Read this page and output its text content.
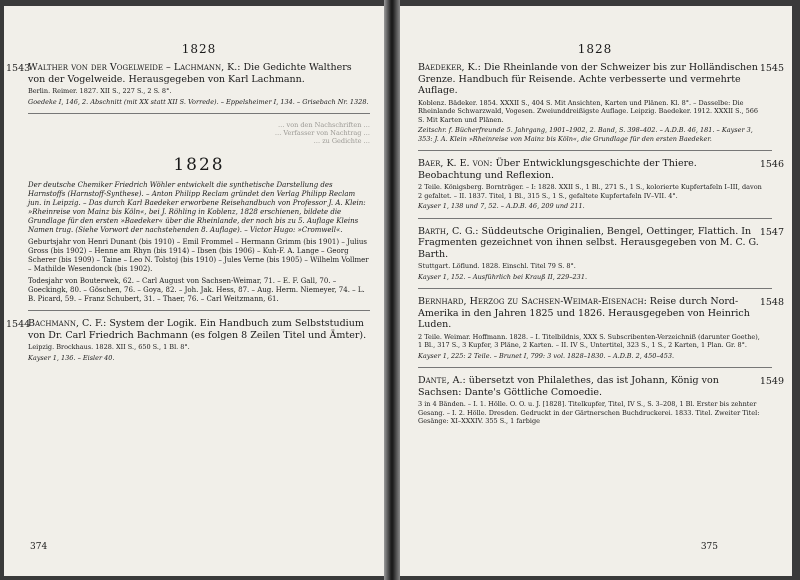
1828
1543
Walther von der Vogelweide – Lachmann, K.: Die Gedichte Walthers von der Vogelweide. Herausgegeben von Karl Lachmann.
Berlin. Reimer. 1827. XII S., 227 S., 2 S. 8°.
Goedeke I, 146, 2. Abschnitt (mit XX statt XII S. Vorrede). – Eppelsheimer I, 134. – Grisebach Nr. 1328.
… von den Nachschriften …
… Verfasser von Nachtrag …
… zu Gedichte …
1828
Der deutsche Chemiker Friedrich Wöhler entwickelt die synthetische Darstellung des Harnstoffs (Harnstoff-Synthese). – Anton Philipp Reclam gründet den Verlag Philipp Reclam jun. in Leipzig. – Das durch Karl Baedeker erworbene Reisehandbuch von Professor J. A. Klein: »Rheinreise von Mainz bis Köln«, bei J. Röhling in Koblenz, 1828 erschienen, bildete die Grundlage für den ersten »Baedeker« über die Rheinlande, der noch bis zu 5. Auflage Kleins Namen trug. (Siehe Vorwort der nachstehenden 8. Auflage). – Victor Hugo: »Cromwell«.
Geburtsjahr von Henri Dunant (bis 1910) – Emil Frommel – Hermann Grimm (bis 1901) – Julius Gross (bis 1902) – Henne am Rhyn (bis 1914) – Ibsen (bis 1906) – Kuh-F. A. Lange – Georg Scherer (bis 1909) – Taine – Leo N. Tolstoj (bis 1910) – Jules Verne (bis 1905) – Wilhelm Vollmer – Mathilde Wesendonck (bis 1902).
Todesjahr von Bouterwek, 62. – Carl August von Sachsen-Weimar, 71. – E. F. Gall, 70. – Goeckingk, 80. – Göschen, 76. – Goya, 82. – Joh. Jak. Hess, 87. – Aug. Herm. Niemeyer, 74. – L. B. Picard, 59. – Franz Schubert, 31. – Thaer, 76. – Carl Weitzmann, 61.
1544
Bachmann, C. F.: System der Logik. Ein Handbuch zum Selbststudium von Dr. Carl Friedrich Bachmann (es folgen 8 Zeilen Titel und Ämter).
Leipzig. Brockhaus. 1828. XII S., 650 S., 1 Bl. 8°.
Kayser 1, 136. – Eisler 40.
374
1828
1545
Baedeker, K.: Die Rheinlande von der Schweizer bis zur Holländischen Grenze. Handbuch für Reisende. Achte verbesserte und vermehrte Auflage.
Koblenz. Bädeker. 1854. XXXII S., 404 S. Mit Ansichten, Karten und Plänen. Kl. 8°. – Dasselbe: Die Rheinlande Schwarzwald, Vogesen. Zweiunddreißigste Auflage. Leipzig. Baedeker. 1912. XXXII S., 566 S. Mit Karten und Plänen.
Zeitschr. f. Bücherfreunde 5. Jahrgang, 1901–1902, 2. Band, S. 398–402. – A.D.B. 46, 181. – Kayser 3, 353: J. A. Klein »Rheinreise von Mainz bis Köln«, die Grundlage für den ersten Baedeker.
1546
Baer, K. E. von: Über Entwicklungsgeschichte der Thiere. Beobachtung und Reflexion.
2 Teile. Königsberg. Bornträger. – I: 1828. XXII S., 1 Bl., 271 S., 1 S., kolorierte Kupfertafeln I–III, davon 2 gefaltet. – II. 1837. Titel, 1 Bl., 315 S., 1 S., gefaltete Kupfertafeln IV–VII. 4°.
Kayser 1, 138 und 7, 52. – A.D.B. 46, 209 und 211.
1547
Barth, C. G.: Süddeutsche Originalien, Bengel, Oettinger, Flattich. In Fragmenten gezeichnet von ihnen selbst. Herausgegeben von M. C. G. Barth.
Stuttgart. Löflund. 1828. Einschl. Titel 79 S. 8°.
Kayser 1, 152. – Ausführlich bei Krauß II, 229–231.
1548
Bernhard, Herzog zu Sachsen-Weimar-Eisenach: Reise durch Nord-Amerika in den Jahren 1825 und 1826. Herausgegeben von Heinrich Luden.
2 Teile. Weimar. Hoffmann. 1828. – I. Titelbildnis, XXX S. Subscribenten-Verzeichniß (darunter Goethe), 1 Bl., 317 S., 3 Kupfer, 3 Pläne, 2 Karten. – II. IV S., Untertitel, 323 S., 1 S., 2 Karten, 1 Plan. Gr. 8°.
Kayser 1, 225: 2 Teile. – Brunet I, 799: 3 vol. 1828–1830. – A.D.B. 2, 450–453.
1549
Dante, A.: übersetzt von Philalethes, das ist Johann, König von Sachsen: Dante's Göttliche Comoedie.
3 in 4 Bänden. – I. 1. Hölle. O. O. u. J. [1828]. Titelkupfer, Titel, IV S., S. 3–208, 1 Bl. Erster bis zehnter Gesang. – I. 2. Hölle. Dresden. Gedruckt in der Gärtnerschen Buchdruckerei. 1833. Titel. Zweiter Titel: Gesänge: XI–XXXIV. 355 S., 1 farbige
375
